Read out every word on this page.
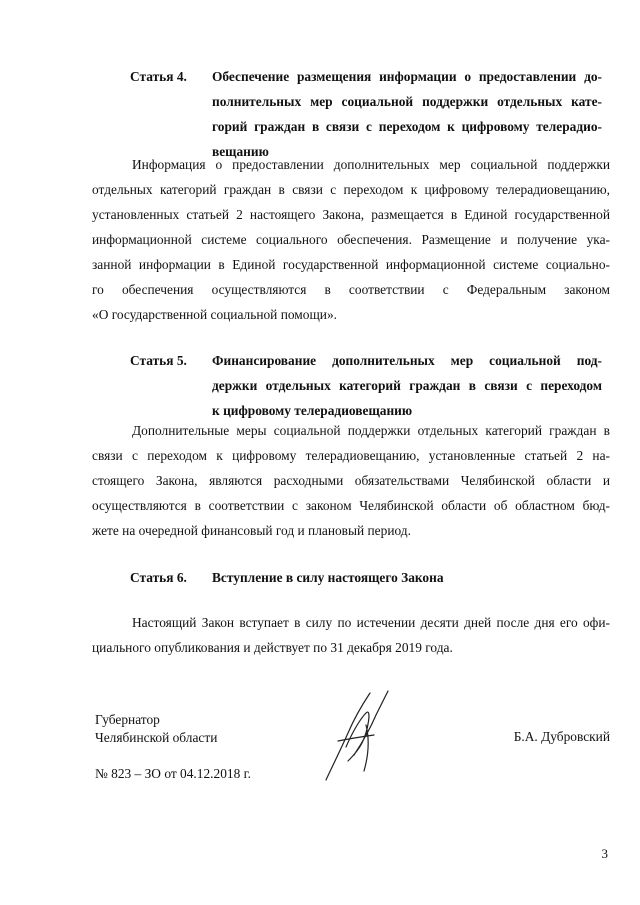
Статья 4. Обеспечение размещения информации о предоставлении до-
полнительных мер социальной поддержки отдельных кате-
горий граждан в связи с переходом к цифровому телерадио-
вещанию
Информация о предоставлении дополнительных мер социальной поддержки
отдельных категорий граждан в связи с переходом к цифровому телерадиовещанию,
установленных статьей 2 настоящего Закона, размещается в Единой государственной
информационной системе социального обеспечения. Размещение и получение ука-
занной информации в Единой государственной информационной системе социально-
го обеспечения осуществляются в соответствии с Федеральным законом
«О государственной социальной помощи».
Статья 5. Финансирование дополнительных мер социальной под-
держки отдельных категорий граждан в связи с переходом
к цифровому телерадиовещанию
Дополнительные меры социальной поддержки отдельных категорий граждан в
связи с переходом к цифровому телерадиовещанию, установленные статьей 2 на-
стоящего Закона, являются расходными обязательствами Челябинской области и
осуществляются в соответствии с законом Челябинской области об областном бюд-
жете на очередной финансовый год и плановый период.
Статья 6. Вступление в силу настоящего Закона
Настоящий Закон вступает в силу по истечении десяти дней после дня его офи-
циального опубликования и действует по 31 декабря 2019 года.
Губернатор
Челябинской области	Б.А. Дубровский
№ 823 – ЗО от 04.12.2018 г.
3
